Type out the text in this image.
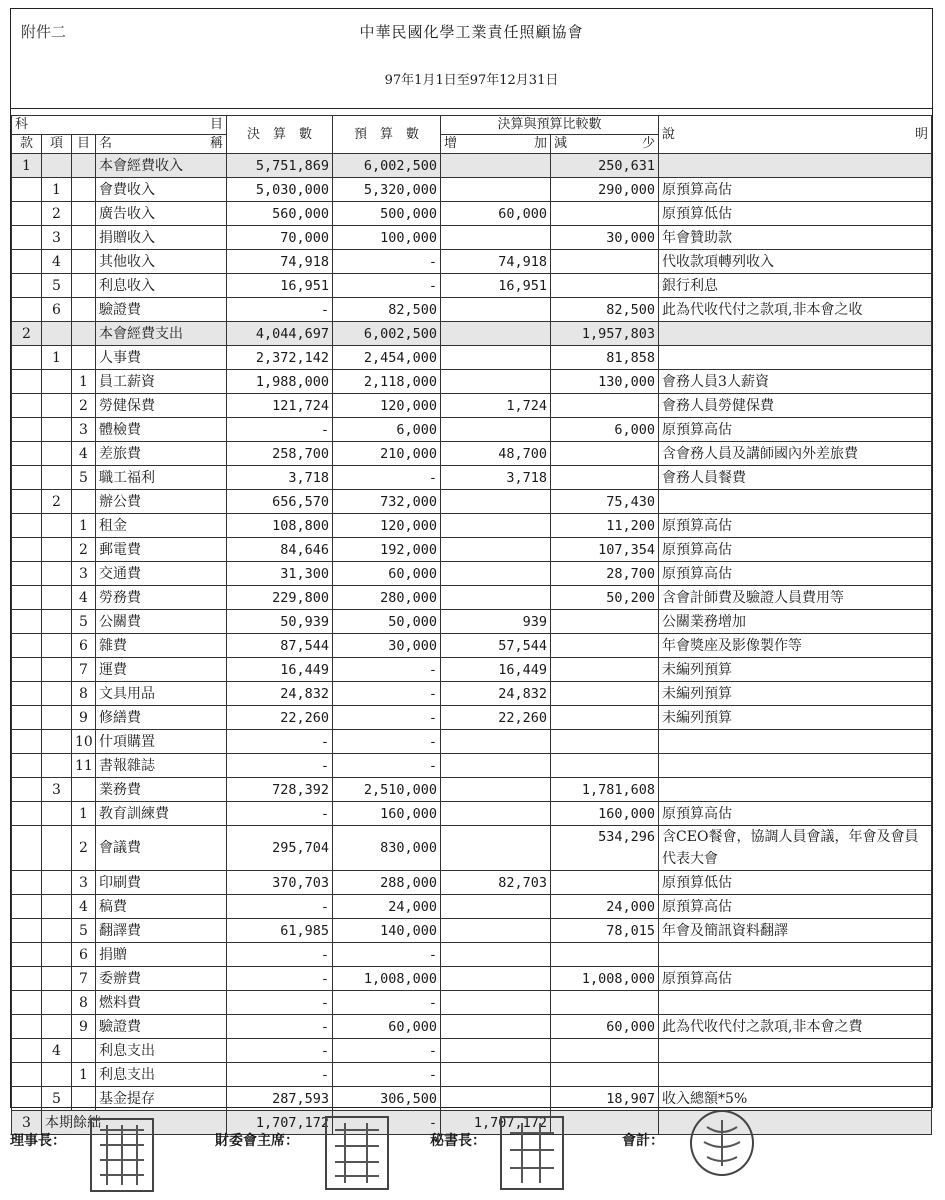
附件二	中華民國化學工業責任照顧協會
97年1月1日至97年12月31日
科 目				決　算　數	預　算　數	決算與預算比較數		說 明

款	項	目	名 稱			增 加	減 少	

1			本會經費收入	5,751,869	6,002,500		250,631	
	1		會費收入	5,030,000	5,320,000		290,000	原預算高估
	2		廣告收入	560,000	500,000	60,000		原預算低估
	3		捐贈收入	70,000	100,000		30,000	年會贊助款
	4		其他收入	74,918	-	74,918		代收款項轉列收入
	5		利息收入	16,951	-	16,951		銀行利息
	6		驗證費	-	82,500		82,500	此為代收代付之款項,非本會之收
2			本會經費支出	4,044,697	6,002,500		1,957,803	
	1		人事費	2,372,142	2,454,000		81,858	
		1	員工薪資	1,988,000	2,118,000		130,000	會務人員3人薪資
		2	勞健保費	121,724	120,000	1,724		會務人員勞健保費
		3	體檢費	-	6,000		6,000	原預算高估
		4	差旅費	258,700	210,000	48,700		含會務人員及講師國內外差旅費
		5	職工福利	3,718	-	3,718		會務人員餐費
	2		辦公費	656,570	732,000		75,430	
		1	租金	108,800	120,000		11,200	原預算高估
		2	郵電費	84,646	192,000		107,354	原預算高估
		3	交通費	31,300	60,000		28,700	原預算高估
		4	勞務費	229,800	280,000		50,200	含會計師費及驗證人員費用等
		5	公關費	50,939	50,000	939		公關業務增加
		6	雜費	87,544	30,000	57,544		年會獎座及影像製作等
		7	運費	16,449	-	16,449		未編列預算
		8	文具用品	24,832	-	24,832		未編列預算
		9	修繕費	22,260	-	22,260		未編列預算
		10	什項購置	-	-			
		11	書報雜誌	-	-			
	3		業務費	728,392	2,510,000		1,781,608	
		1	教育訓練費	-	160,000		160,000	原預算高估
		2	會議費	295,704	830,000		534,296	含CEO餐會，協調人員會議，年會及會員代表大會
		3	印刷費	370,703	288,000	82,703		原預算低估
		4	稿費	-	24,000		24,000	原預算高估
		5	翻譯費	61,985	140,000		78,015	年會及簡訊資料翻譯
		6	捐贈	-	-			
		7	委辦費	-	1,008,000		1,008,000	原預算高估
		8	燃料費	-	-			
		9	驗證費	-	60,000		60,000	此為代收代付之款項,非本會之費
	4		利息支出	-	-			
		1	利息支出	-	-			
	5		基金提存	287,593	306,500		18,907	收入總額*5%
3	本期餘絀			1,707,172	-	1,707,172		
理事長：	財委會主席：	秘書長：	會計：
